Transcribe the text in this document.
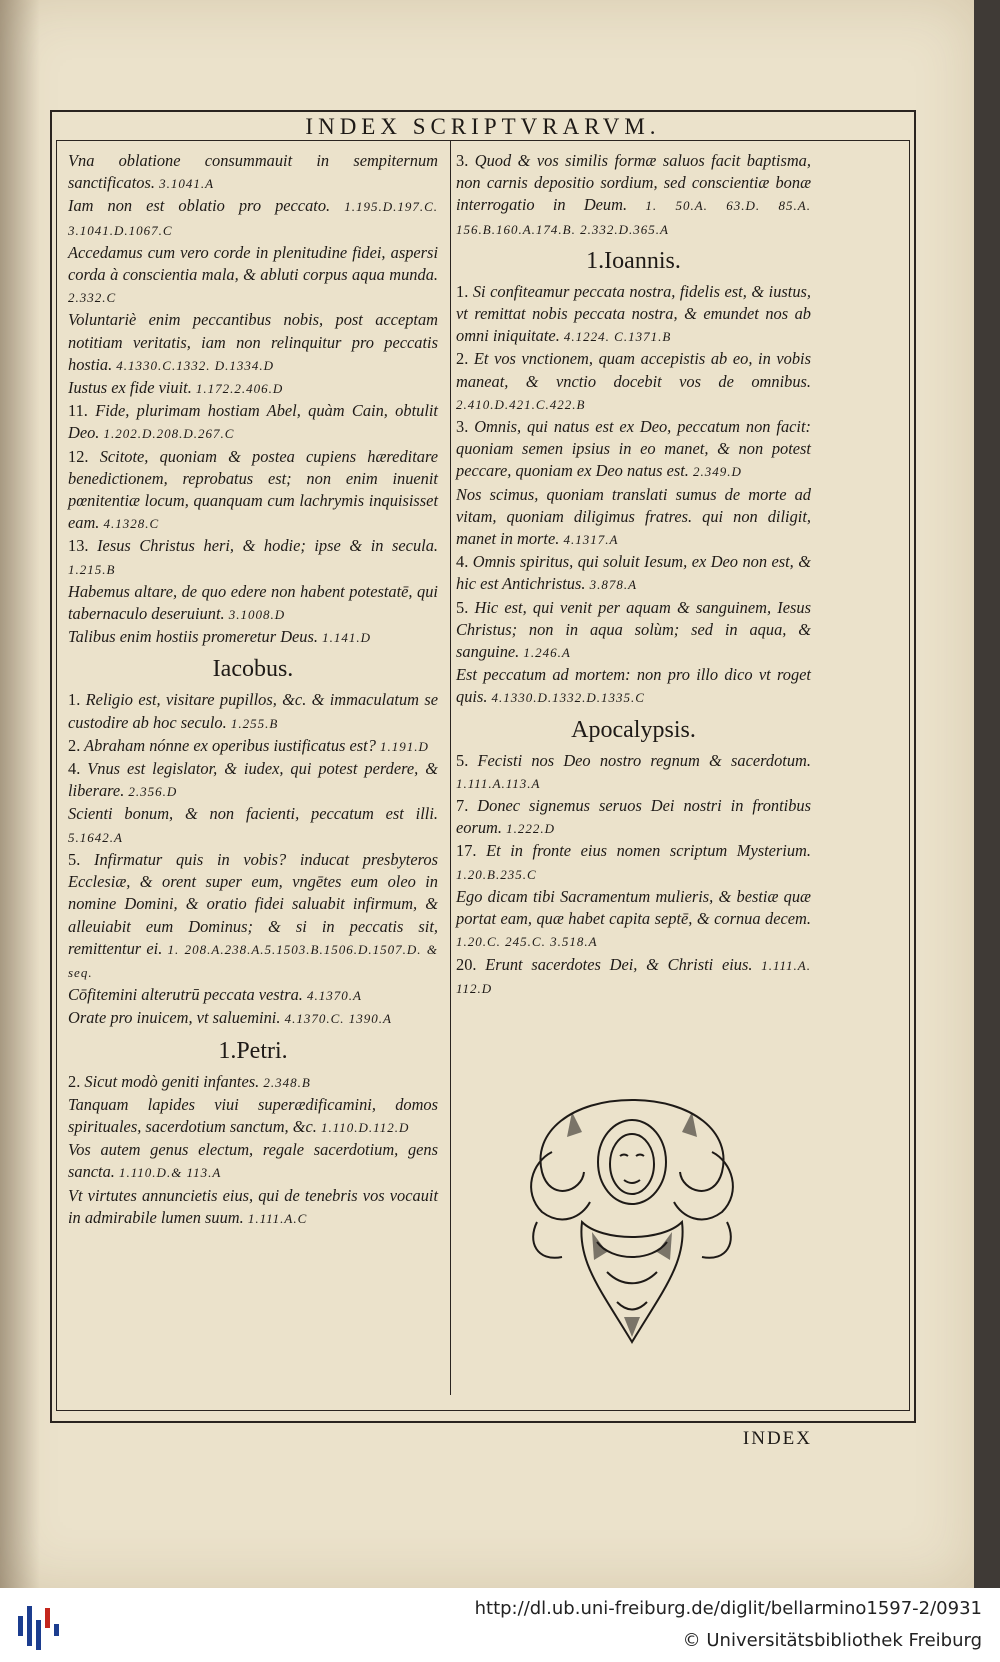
INDEX SCRIPTVRARVM.

Vna oblatione consummauit in sempiternum sanctificatos. 3.1041.A

Iam non est oblatio pro peccato. 1.195.D.197.C. 3.1041.D.1067.C

Accedamus cum vero corde in plenitudine fidei, aspersi corda à conscientia mala, & abluti corpus aqua munda. 2.332.C

Voluntariè enim peccantibus nobis, post acceptam notitiam veritatis, iam non relinquitur pro peccatis hostia. 4.1330.C.1332. D.1334.D

Iustus ex fide viuit. 1.172.2.406.D

11. Fide, plurimam hostiam Abel, quàm Cain, obtulit Deo. 1.202.D.208.D.267.C

12. Scitote, quoniam & postea cupiens hæreditare benedictionem, reprobatus est; non enim inuenit pœnitentiæ locum, quanquam cum lachrymis inquisisset eam. 4.1328.C

13. Iesus Christus heri, & hodie; ipse & in secula. 1.215.B

Habemus altare, de quo edere non habent potestatē, qui tabernaculo deseruiunt. 3.1008.D

Talibus enim hostiis promeretur Deus. 1.141.D

Iacobus.

1. Religio est, visitare pupillos, &c. & immaculatum se custodire ab hoc seculo. 1.255.B

2. Abraham nónne ex operibus iustificatus est? 1.191.D

4. Vnus est legislator, & iudex, qui potest perdere, & liberare. 2.356.D

Scienti bonum, & non facienti, peccatum est illi. 5.1642.A

5. Infirmatur quis in vobis? inducat presbyteros Ecclesiæ, & orent super eum, vngētes eum oleo in nomine Domini, & oratio fidei saluabit infirmum, & alleuiabit eum Dominus; & si in peccatis sit, remittentur ei. 1. 208.A.238.A.5.1503.B.1506.D.1507.D. & seq.

Cōfitemini alterutrū peccata vestra. 4.1370.A

Orate pro inuicem, vt saluemini. 4.1370.C. 1390.A

1.Petri.

2. Sicut modò geniti infantes. 2.348.B

Tanquam lapides viui superædificamini, domos spirituales, sacerdotium sanctum, &c. 1.110.D.112.D

Vos autem genus electum, regale sacerdotium, gens sancta. 1.110.D.& 113.A

Vt virtutes annuncietis eius, qui de tenebris vos vocauit in admirabile lumen suum. 1.111.A.C

3. Quod & vos similis formæ saluos facit baptisma, non carnis depositio sordium, sed conscientiæ bonæ interrogatio in Deum. 1. 50.A. 63.D. 85.A. 156.B.160.A.174.B. 2.332.D.365.A

1.Ioannis.

1. Si confiteamur peccata nostra, fidelis est, & iustus, vt remittat nobis peccata nostra, & emundet nos ab omni iniquitate. 4.1224. C.1371.B

2. Et vos vnctionem, quam accepistis ab eo, in vobis maneat, & vnctio docebit vos de omnibus. 2.410.D.421.C.422.B

3. Omnis, qui natus est ex Deo, peccatum non facit: quoniam semen ipsius in eo manet, & non potest peccare, quoniam ex Deo natus est. 2.349.D

Nos scimus, quoniam translati sumus de morte ad vitam, quoniam diligimus fratres. qui non diligit, manet in morte. 4.1317.A

4. Omnis spiritus, qui soluit Iesum, ex Deo non est, & hic est Antichristus. 3.878.A

5. Hic est, qui venit per aquam & sanguinem, Iesus Christus; non in aqua solùm; sed in aqua, & sanguine. 1.246.A

Est peccatum ad mortem: non pro illo dico vt roget quis. 4.1330.D.1332.D.1335.C

Apocalypsis.

5. Fecisti nos Deo nostro regnum & sacerdotum. 1.111.A.113.A

7. Donec signemus seruos Dei nostri in frontibus eorum. 1.222.D

17. Et in fronte eius nomen scriptum Mysterium. 1.20.B.235.C

Ego dicam tibi Sacramentum mulieris, & bestiæ quæ portat eam, quæ habet capita septē, & cornua decem. 1.20.C. 245.C. 3.518.A

20. Erunt sacerdotes Dei, & Christi eius. 1.111.A. 112.D

INDEX
http://dl.ub.uni-freiburg.de/diglit/bellarmino1597-2/0931
© Universitätsbibliothek Freiburg
